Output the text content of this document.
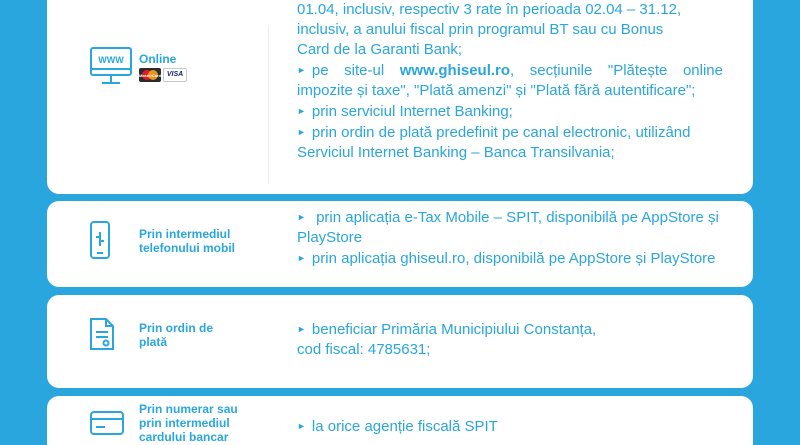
WWW Online
MasterCard VISA

01.04, inclusiv, respectiv 3 rate în perioada 02.04 – 31.12,

inclusiv, a anului fiscal prin programul BT sau cu Bonus

Card de la Garanti Bank;

► pe site-ul www.ghiseul.ro, secțiunile "Plătește online impozite și taxe", "Plată amenzi" și "Plată fără autentificare";

► prin serviciul Internet Banking;

► prin ordin de plată predefinit pe canal electronic, utilizând Serviciul Internet Banking – Banca Transilvania;

Prin intermediul
telefonului mobil

► prin aplicația e-Tax Mobile – SPIT, disponibilă pe AppStore și PlayStore

► prin aplicația ghiseul.ro, disponibilă pe AppStore și PlayStore

Prin ordin de
plată

► beneficiar Primăria Municipiului Constanța,

cod fiscal: 4785631;

Prin numerar sau
prin intermediul
cardului bancar

► la orice agenție fiscală SPIT
